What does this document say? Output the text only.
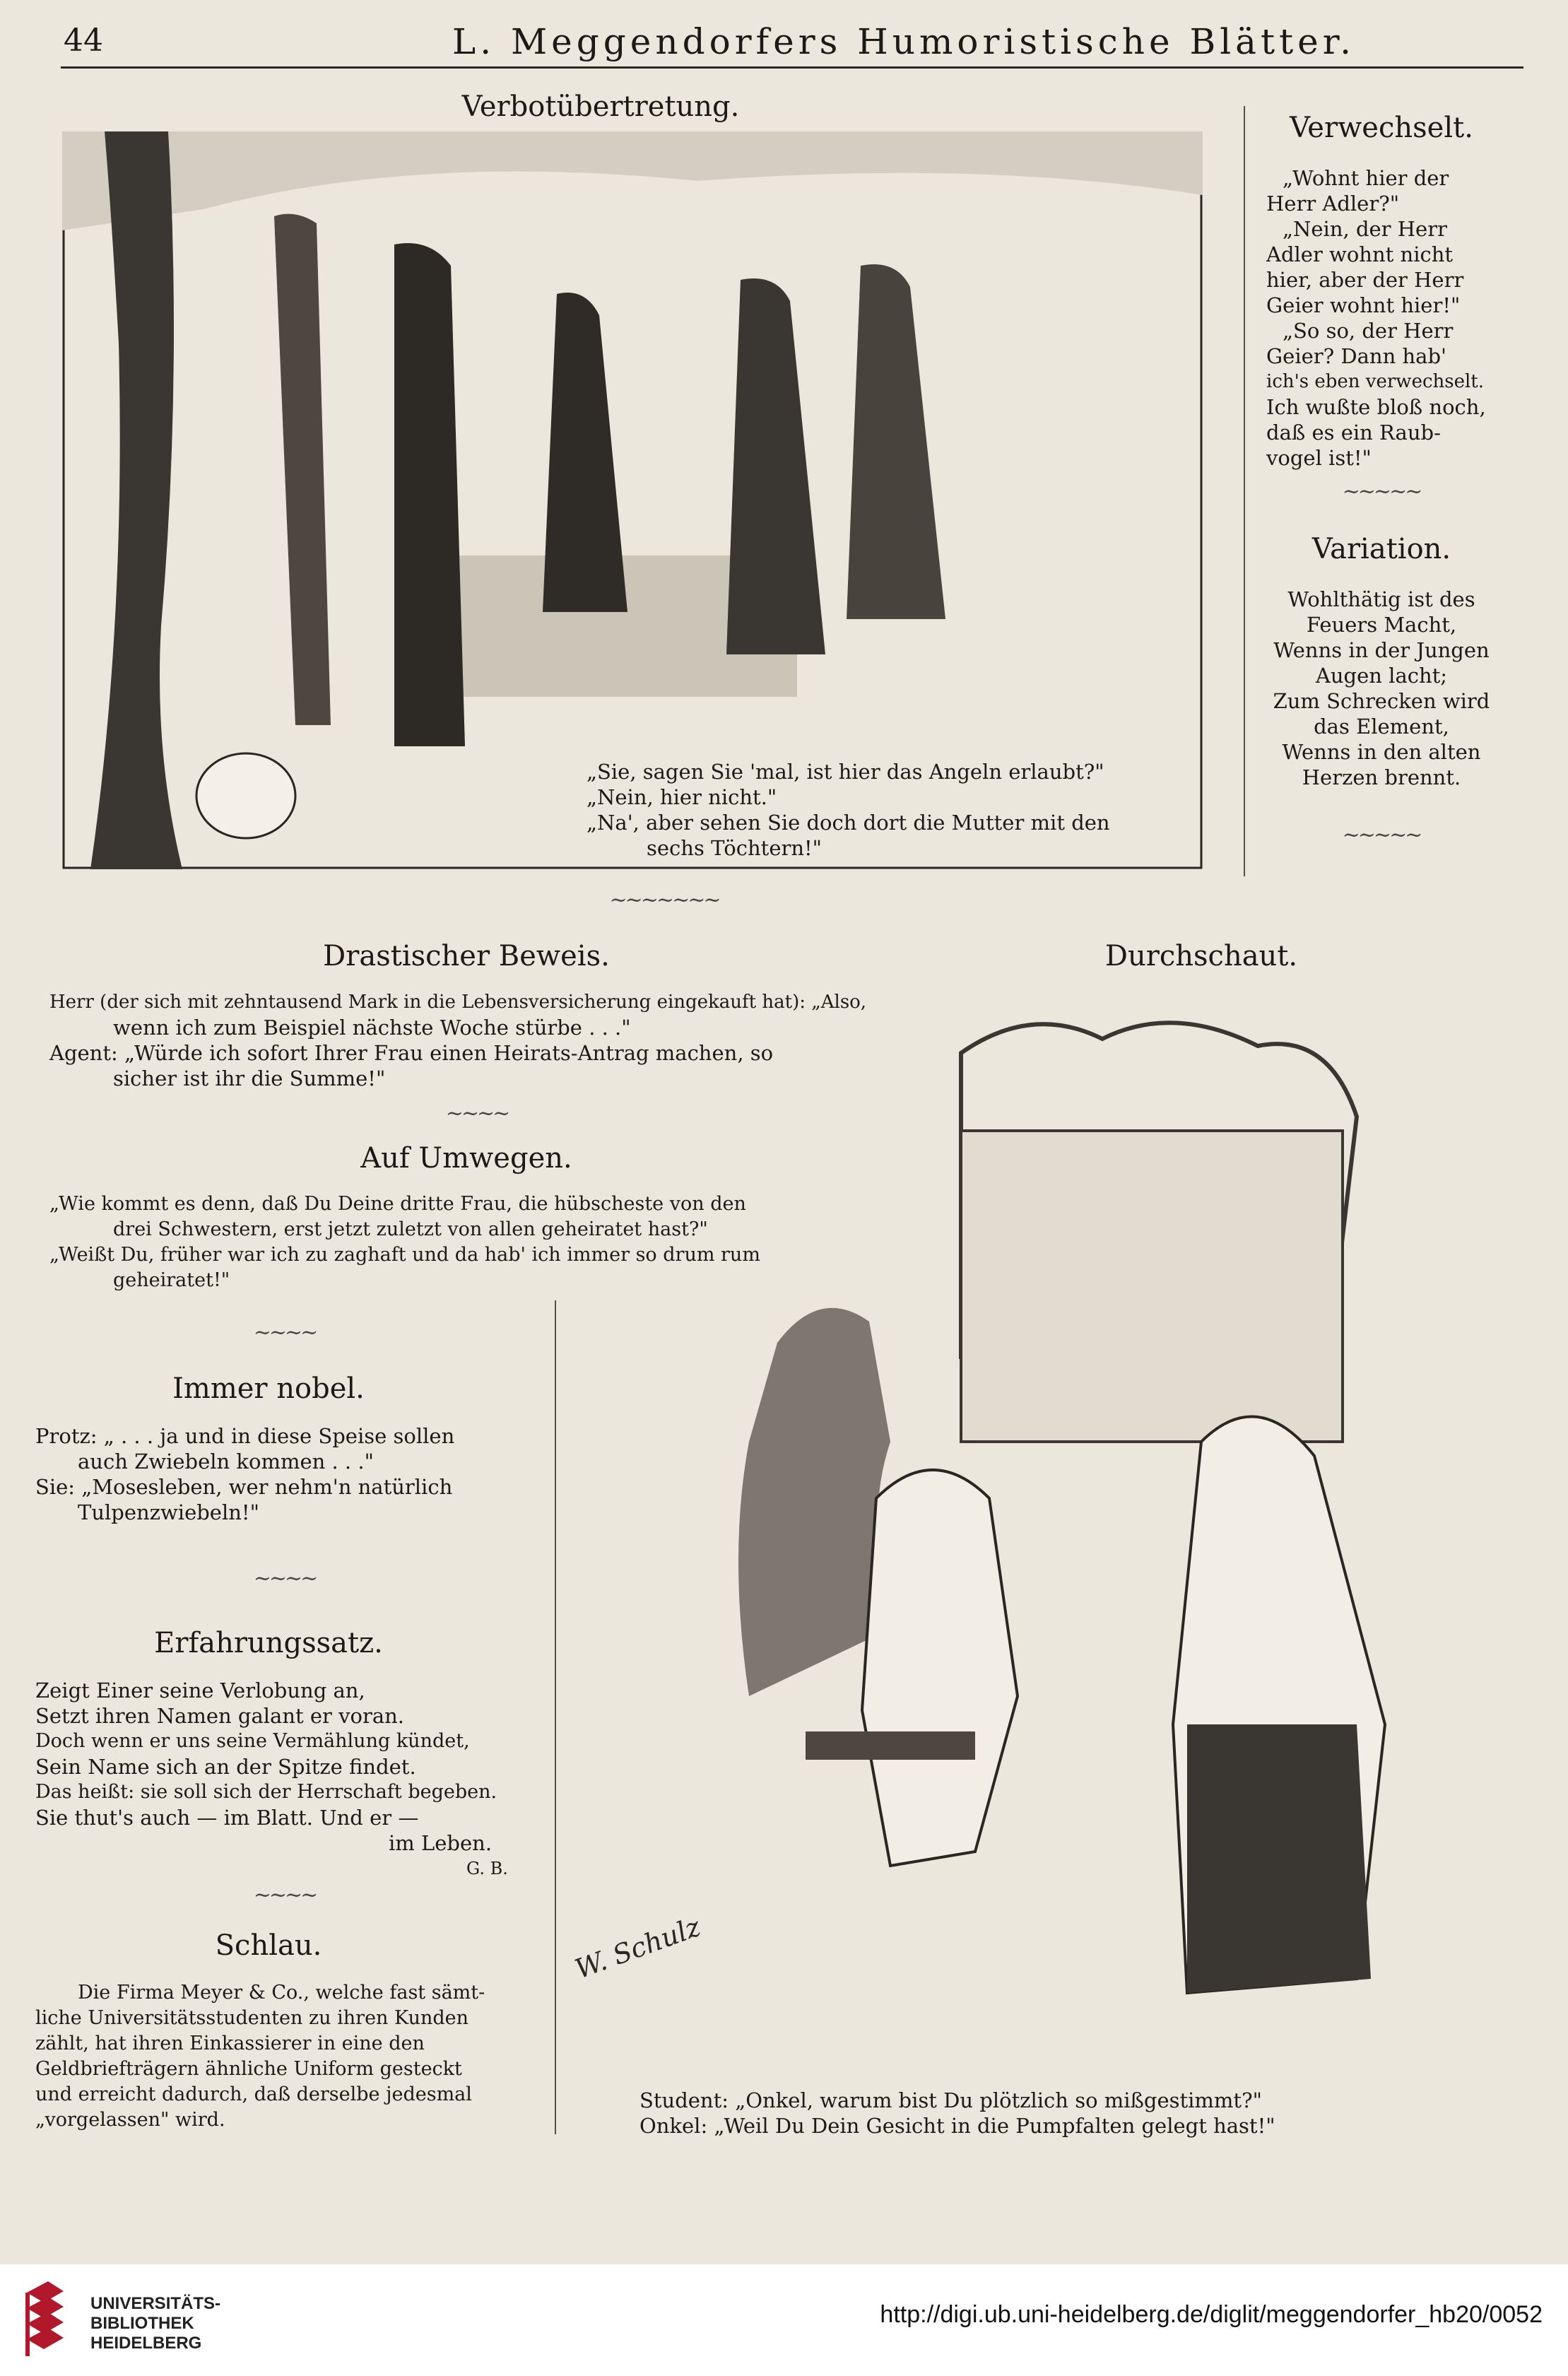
44	L. Meggendorfers Humoristische Blätter.
Verbotübertretung.
„Sie, sagen Sie 'mal, ist hier das Angeln erlaubt?"
„Nein, hier nicht."
„Na', aber sehen Sie doch dort die Mutter mit den
sechs Töchtern!"
Verwechselt.
„Wohnt hier der
Herr Adler?"
„Nein, der Herr
Adler wohnt nicht
hier, aber der Herr
Geier wohnt hier!"
„So so, der Herr
Geier? Dann hab'
ich's eben verwechselt.
Ich wußte bloß noch,
daß es ein Raub-
vogel ist!"
~~~~~
Variation.
Wohlthätig ist des
Feuers Macht,
Wenns in der Jungen
Augen lacht;
Zum Schrecken wird
das Element,
Wenns in den alten
Herzen brennt.
~~~~~
~~~~~~~
Drastischer Beweis.
Herr (der sich mit zehntausend Mark in die Lebensversicherung eingekauft hat): „Also,
wenn ich zum Beispiel nächste Woche stürbe . . ."
Agent: „Würde ich sofort Ihrer Frau einen Heirats-Antrag machen, so
sicher ist ihr die Summe!"
~~~~
Auf Umwegen.
„Wie kommt es denn, daß Du Deine dritte Frau, die hübscheste von den
drei Schwestern, erst jetzt zuletzt von allen geheiratet hast?"
„Weißt Du, früher war ich zu zaghaft und da hab' ich immer so drum rum
geheiratet!"
~~~~
Immer nobel.
Protz: „ . . . ja und in diese Speise sollen
auch Zwiebeln kommen . . ."
Sie: „Mosesleben, wer nehm'n natürlich
Tulpenzwiebeln!"
~~~~
Erfahrungssatz.
Zeigt Einer seine Verlobung an,
Setzt ihren Namen galant er voran.
Doch wenn er uns seine Vermählung kündet,
Sein Name sich an der Spitze findet.
Das heißt: sie soll sich der Herrschaft begeben.
Sie thut's auch — im Blatt. Und er —
im Leben.
G. B.
~~~~
Schlau.
Die Firma Meyer & Co., welche fast sämt-
liche Universitätsstudenten zu ihren Kunden
zählt, hat ihren Einkassierer in eine den
Geldbriefträgern ähnliche Uniform gesteckt
und erreicht dadurch, daß derselbe jedesmal
„vorgelassen" wird.
Durchschaut.
W. Schulz
Student: „Onkel, warum bist Du plötzlich so mißgestimmt?"
Onkel: „Weil Du Dein Gesicht in die Pumpfalten gelegt hast!"
UNIVERSITÄTS-
BIBLIOTHEK
HEIDELBERG
http://digi.ub.uni-heidelberg.de/diglit/meggendorfer_hb20/0052
